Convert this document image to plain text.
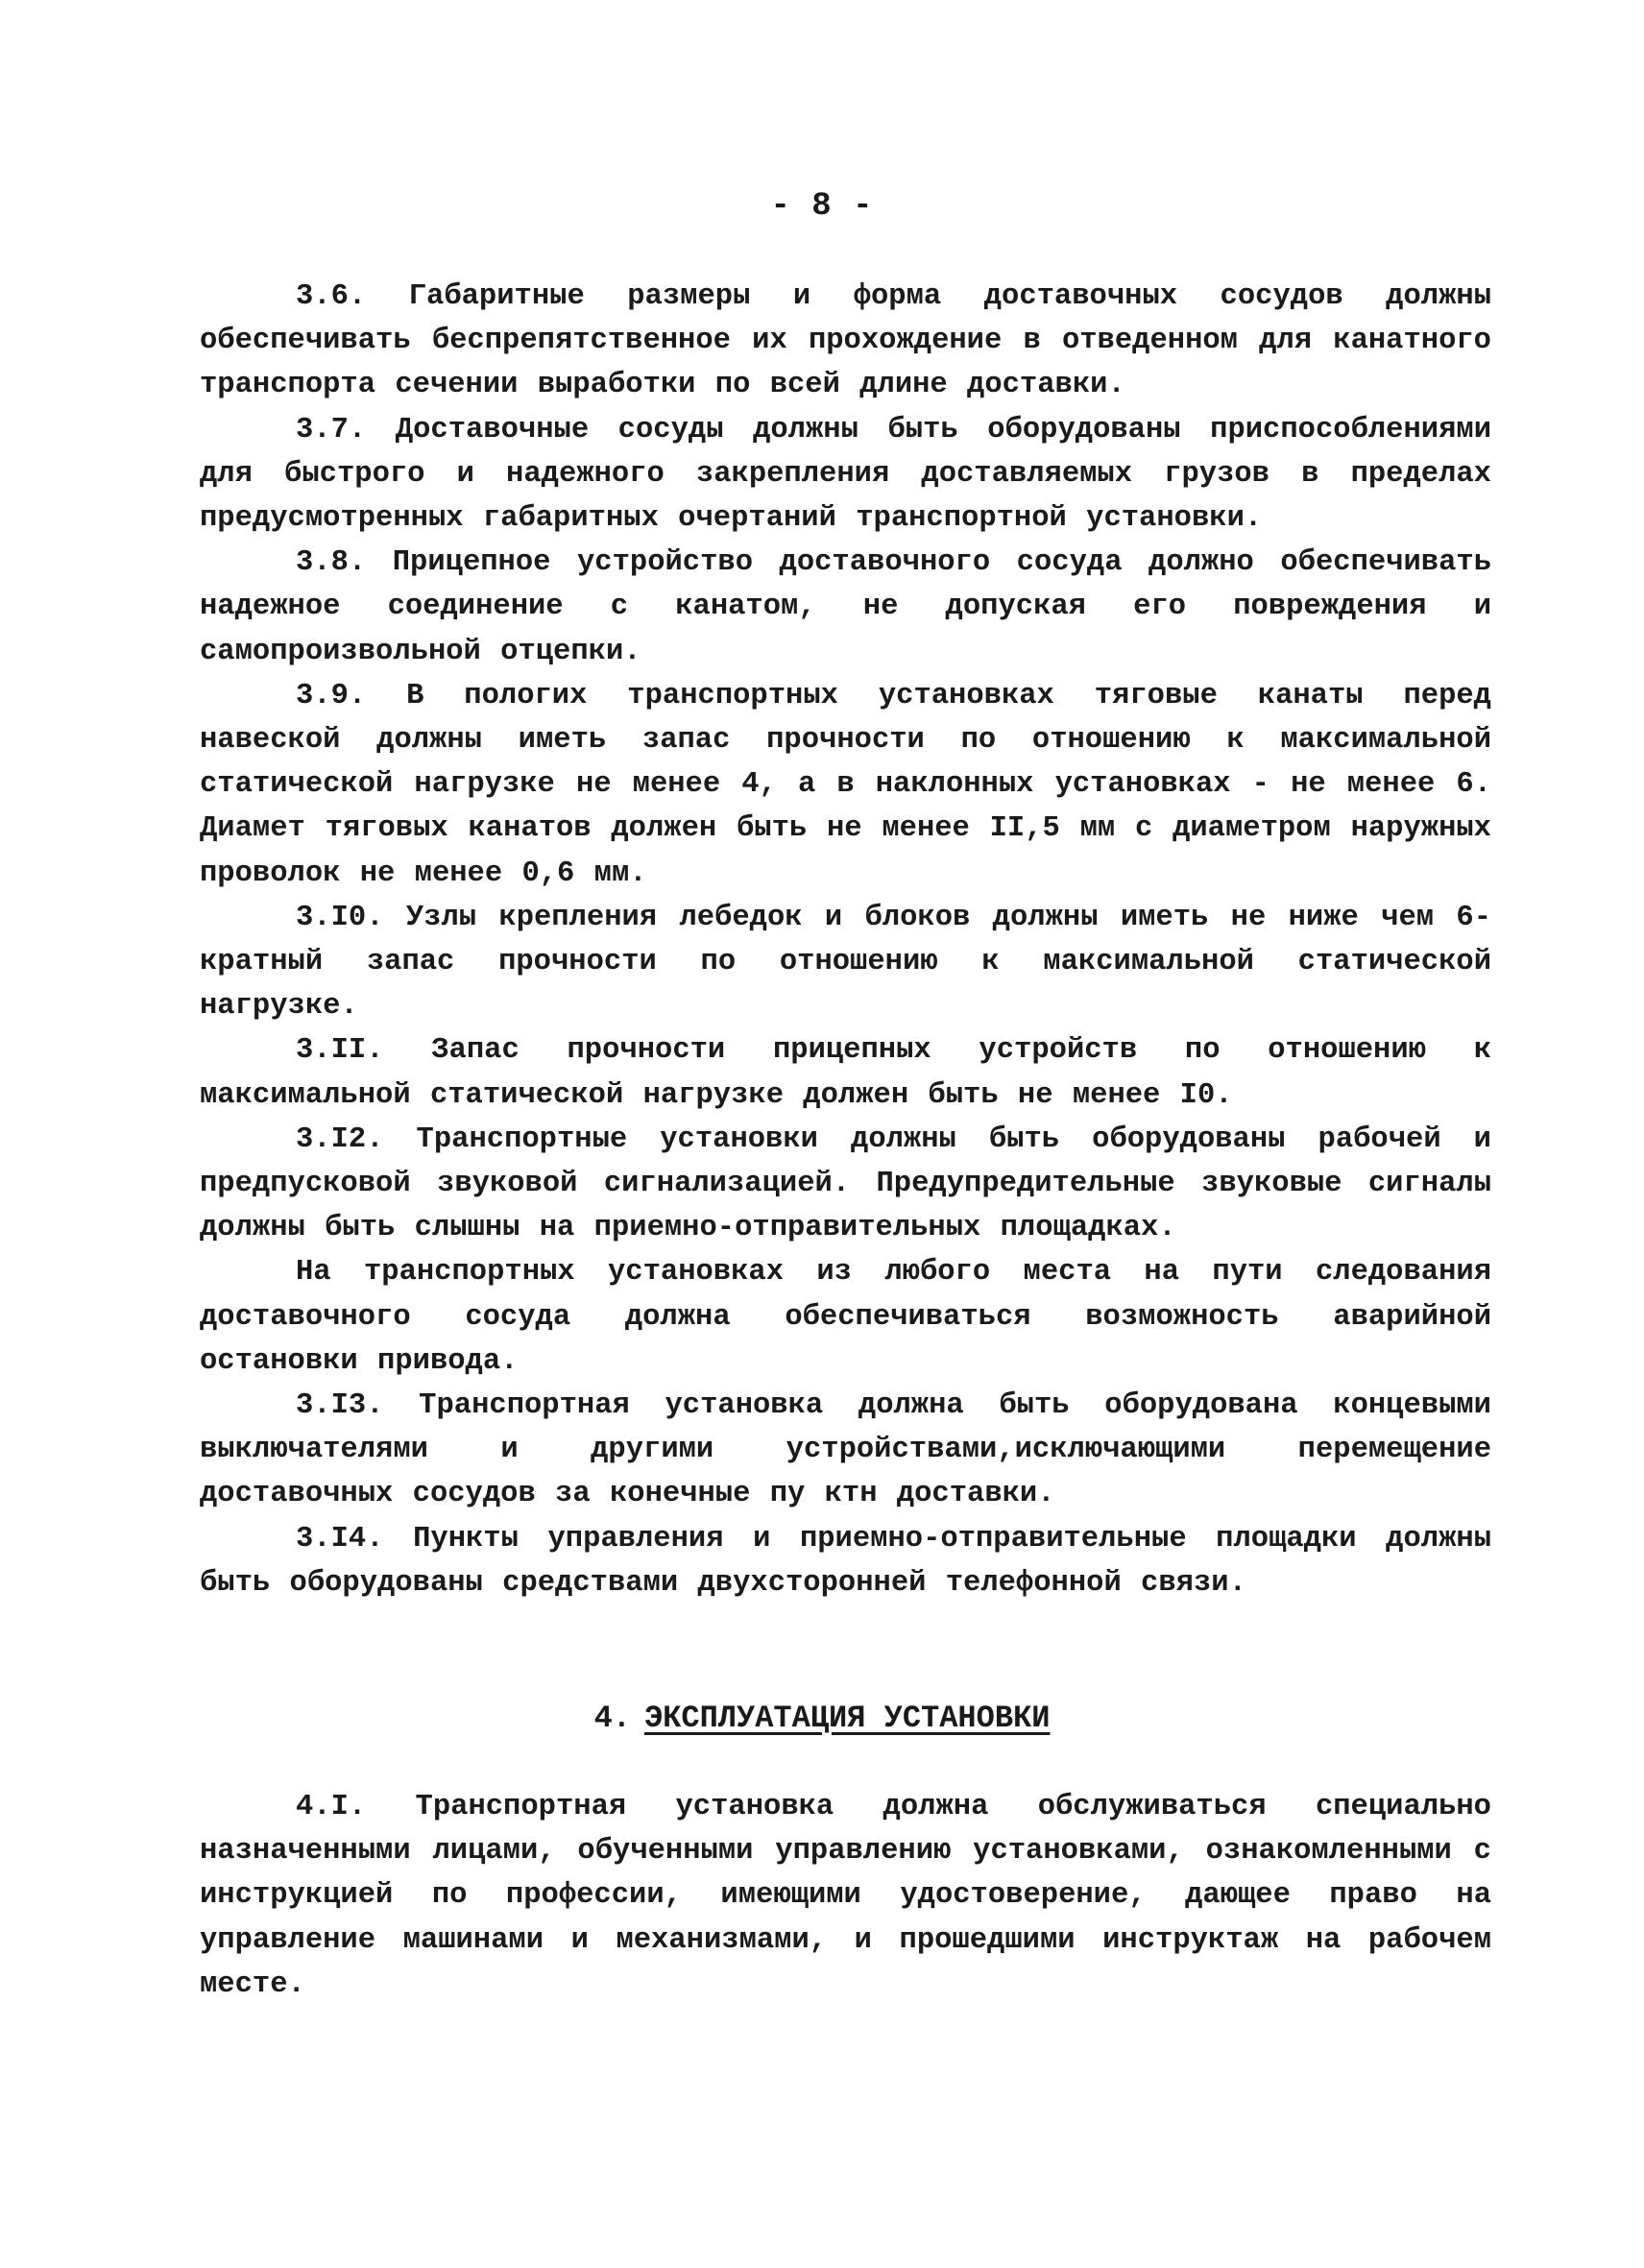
- 8 -

3.6. Габаритные размеры и форма доставочных сосудов должны обеспечивать беспрепятственное их прохождение в отведенном для канатного транспорта сечении выработки по всей длине доставки.

3.7. Доставочные сосуды должны быть оборудованы приспособлениями для быстрого и надежного закрепления доставляемых грузов в пределах предусмотренных габаритных очертаний транспортной установки.

3.8. Прицепное устройство доставочного сосуда должно обеспечивать надежное соединение с канатом, не допуская его повреждения и самопроизвольной отцепки.

3.9. В пологих транспортных установках тяговые канаты перед навеской должны иметь запас прочности по отношению к максимальной статической нагрузке не менее 4, а в наклонных установках - не менее 6. Диамет тяговых канатов должен быть не менее II,5 мм с диаметром наружных проволок не менее 0,6 мм.

3.I0. Узлы крепления лебедок и блоков должны иметь не ниже чем 6-кратный запас прочности по отношению к максимальной статической нагрузке.

3.II. Запас прочности прицепных устройств по отношению к максимальной статической нагрузке должен быть не менее I0.

3.I2. Транспортные установки должны быть оборудованы рабочей и предпусковой звуковой сигнализацией. Предупредительные звуковые сигналы должны быть слышны на приемно-отправительных площадках.

На транспортных установках из любого места на пути следования доставочного сосуда должна обеспечиваться возможность аварийной остановки привода.

3.I3. Транспортная установка должна быть оборудована концевыми выключателями и другими устройствами,исключающими перемещение доставочных сосудов за конечные пу ктн доставки.

3.I4. Пункты управления и приемно-отправительные площадки должны быть оборудованы средствами двухсторонней телефонной связи.

4. ЭКСПЛУАТАЦИЯ УСТАНОВКИ

4.I. Транспортная установка должна обслуживаться специально назначенными лицами, обученными управлению установками, ознакомленными с инструкцией по профессии, имеющими удостоверение, дающее право на управление машинами и механизмами, и прошедшими инструктаж на рабочем месте.
